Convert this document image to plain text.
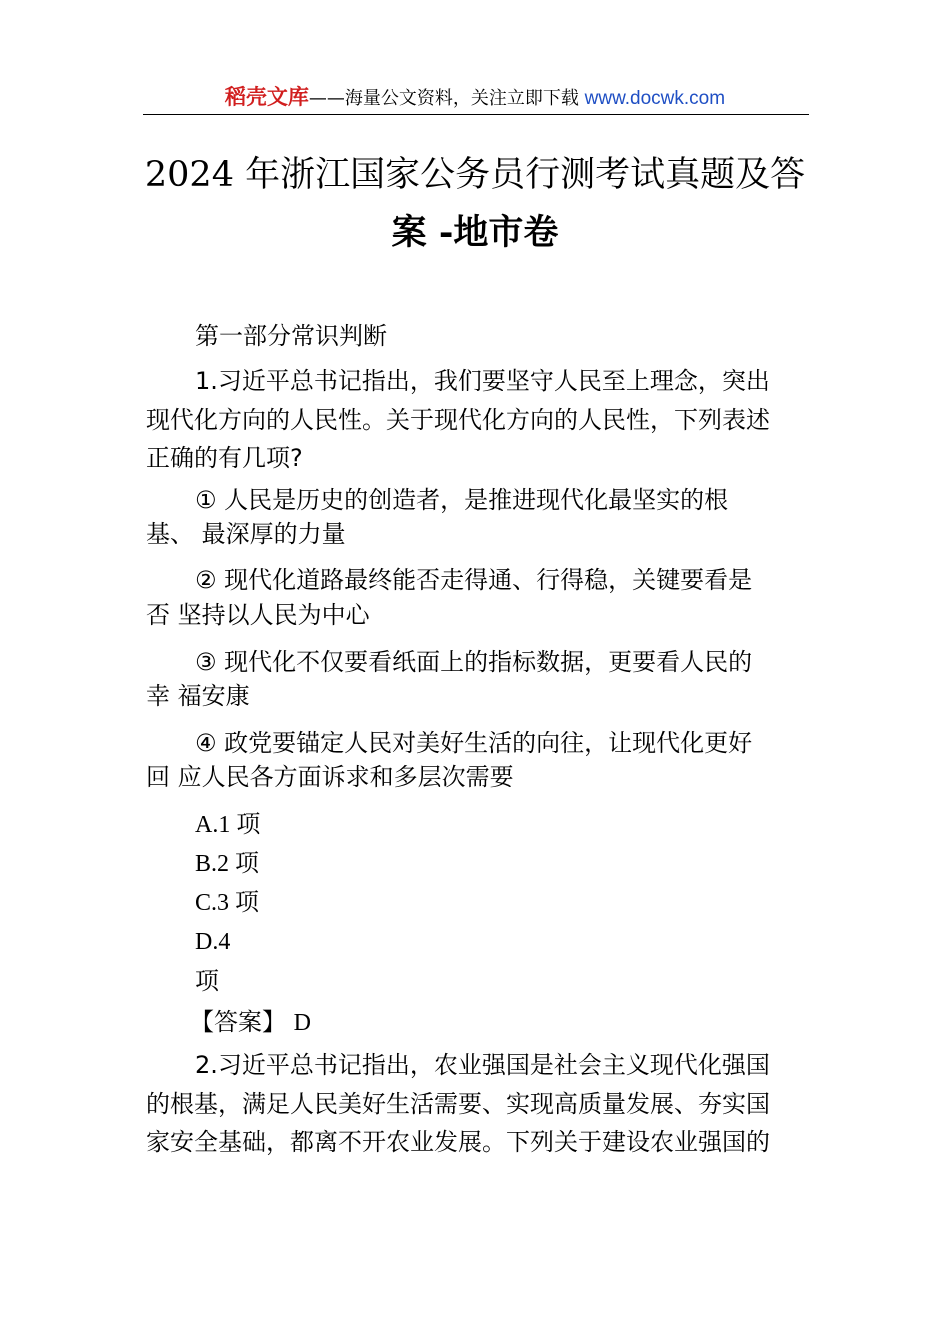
稻壳文库——海量公文资料，关注立即下载 www.docwk.com
2024 年浙江国家公务员行测考试真题及答
案 -地市卷

第一部分常识判断

1.习近平总书记指出，我们要坚守人民至上理念，突出

现代化方向的人民性。关于现代化方向的人民性，下列表述

正确的有几项?

① 人民是历史的创造者，是推进现代化最坚实的根

基、 最深厚的力量

② 现代化道路最终能否走得通、行得稳，关键要看是

否 坚持以人民为中心

③ 现代化不仅要看纸面上的指标数据，更要看人民的

幸 福安康

④ 政党要锚定人民对美好生活的向往，让现代化更好

回 应人民各方面诉求和多层次需要

A.1 项

B.2 项

C.3 项

D.4

项

【答案】 D

2.习近平总书记指出，农业强国是社会主义现代化强国

的根基，满足人民美好生活需要、实现高质量发展、夯实国

家安全基础，都离不开农业发展。下列关于建设农业强国的
